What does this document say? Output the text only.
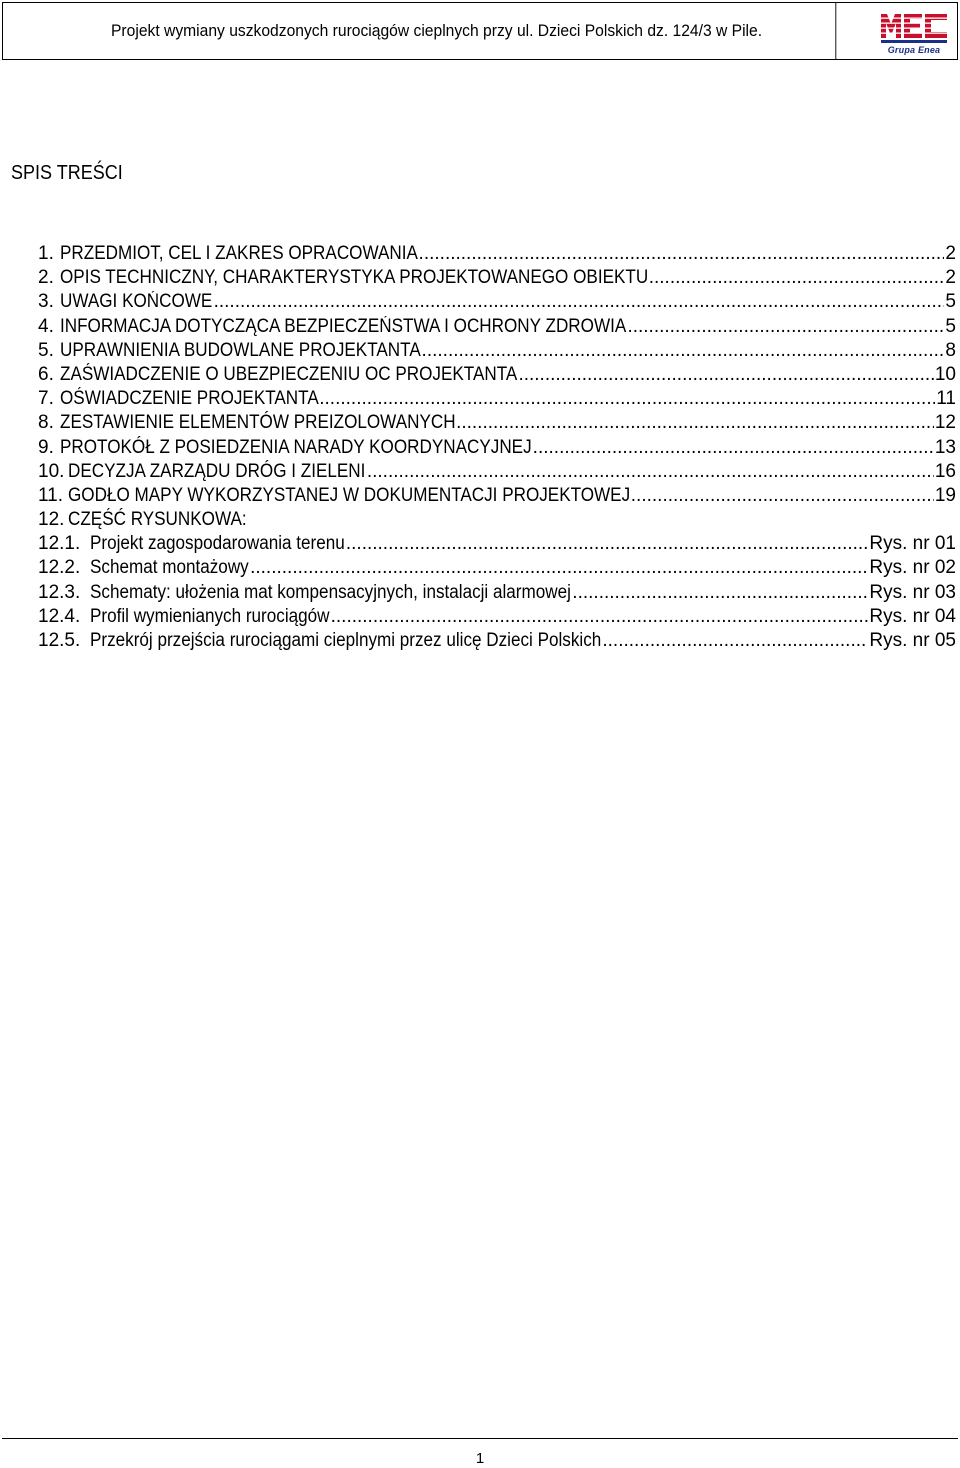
Projekt wymiany uszkodzonych rurociągów cieplnych przy ul. Dzieci Polskich dz. 124/3 w Pile.
Grupa Enea
SPIS TREŚCI
1. PRZEDMIOT, CEL I ZAKRES OPRACOWANIA .....	2
2. OPIS TECHNICZNY, CHARAKTERYSTYKA PROJEKTOWANEGO OBIEKTU .....	2
3. UWAGI KOŃCOWE .....	5
4. INFORMACJA DOTYCZĄCA BEZPIECZEŃSTWA I OCHRONY ZDROWIA .....	5
5. UPRAWNIENIA BUDOWLANE PROJEKTANTA .....	8
6. ZAŚWIADCZENIE O UBEZPIECZENIU OC PROJEKTANTA .....	10
7. OŚWIADCZENIE PROJEKTANTA .....	11
8. ZESTAWIENIE ELEMENTÓW PREIZOLOWANYCH .....	12
9. PROTOKÓŁ Z POSIEDZENIA NARADY KOORDYNACYJNEJ .....	13
10. DECYZJA ZARZĄDU DRÓG I ZIELENI .....	16
11. GODŁO MAPY WYKORZYSTANEJ W DOKUMENTACJI PROJEKTOWEJ .....	19
12. CZĘŚĆ RYSUNKOWA:
12.1. Projekt zagospodarowania terenu .....	Rys. nr 01
12.2. Schemat montażowy .....	Rys. nr 02
12.3. Schematy: ułożenia mat kompensacyjnych, instalacji alarmowej .....	Rys. nr 03
12.4. Profil wymienianych rurociągów .....	Rys. nr 04
12.5. Przekrój przejścia rurociągami cieplnymi przez ulicę Dzieci Polskich .....	Rys. nr 05
1
